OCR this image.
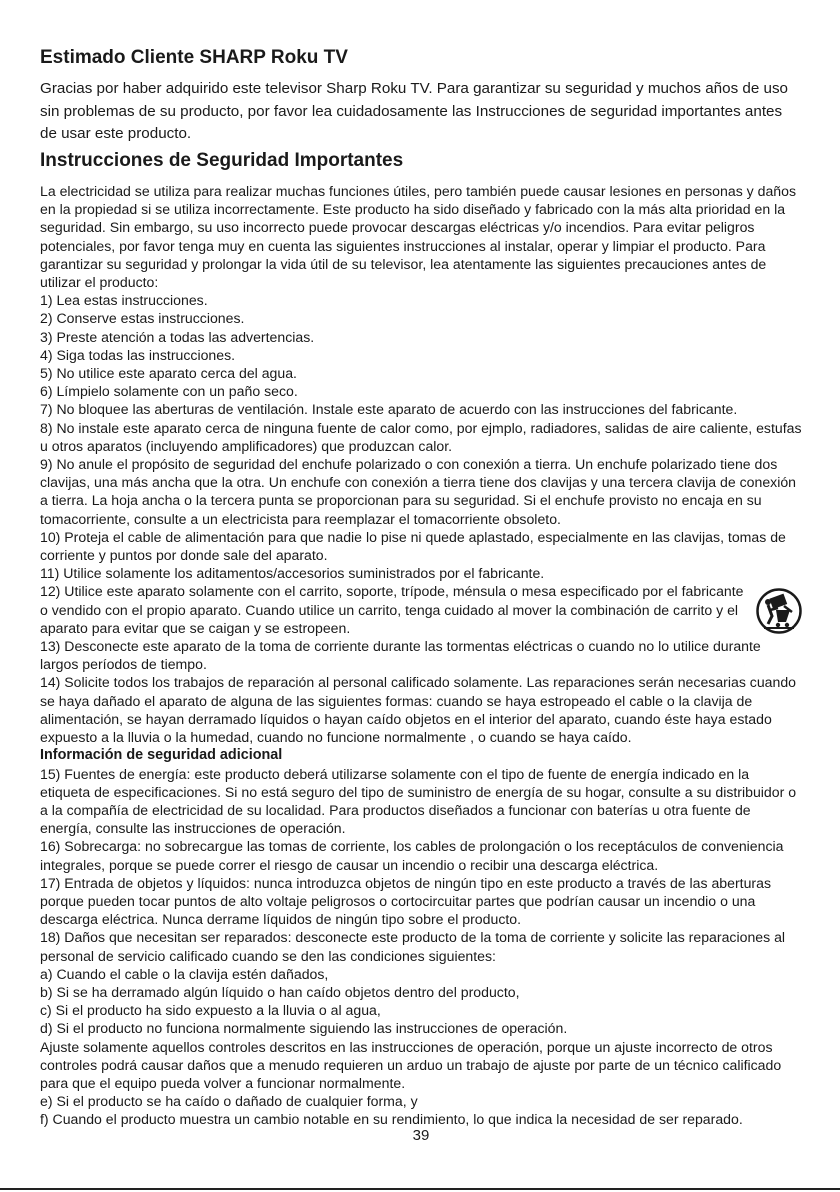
Estimado Cliente SHARP Roku TV

Gracias por haber adquirido este televisor Sharp Roku TV. Para garantizar su seguridad y muchos años de uso sin problemas de su producto, por favor lea cuidadosamente las Instrucciones de seguridad importantes antes de usar este producto.

Instrucciones de Seguridad Importantes

La electricidad se utiliza para realizar muchas funciones útiles, pero también puede causar lesiones en personas y daños en la propiedad si se utiliza incorrectamente. Este producto ha sido diseñado y fabricado con la más alta prioridad en la seguridad. Sin embargo, su uso incorrecto puede provocar descargas eléctricas y/o incendios. Para evitar peligros potenciales, por favor tenga muy en cuenta las siguientes instrucciones al instalar, operar y limpiar el producto. Para garantizar su seguridad y prolongar la vida útil de su televisor, lea atentamente las siguientes precauciones antes de utilizar el producto:

1) Lea estas instrucciones.

2) Conserve estas instrucciones.

3) Preste atención a todas las advertencias.

4) Siga todas las instrucciones.

5) No utilice este aparato cerca del agua.

6) Límpielo solamente con un paño seco.

7) No bloquee las aberturas de ventilación. Instale este aparato de acuerdo con las instrucciones del fabricante.

8) No instale este aparato cerca de ninguna fuente de calor como, por ejmplo, radiadores, salidas de aire caliente, estufas u otros aparatos (incluyendo amplificadores) que produzcan calor.

9) No anule el propósito de seguridad del enchufe polarizado o con conexión a tierra. Un enchufe polarizado tiene dos clavijas, una más ancha que la otra. Un enchufe con conexión a tierra tiene dos clavijas y una tercera clavija de conexión a tierra. La hoja ancha o la tercera punta se proporcionan para su seguridad. Si el enchufe provisto no encaja en su tomacorriente, consulte a un electricista para reemplazar el tomacorriente obsoleto.

10) Proteja el cable de alimentación para que nadie lo pise ni quede aplastado, especialmente en las clavijas, tomas de corriente y puntos por donde sale del aparato.

11) Utilice solamente los aditamentos/accesorios suministrados por el fabricante.

12) Utilice este aparato solamente con el carrito, soporte, trípode, ménsula o mesa especificado por el fabricante o vendido con el propio aparato. Cuando utilice un carrito, tenga cuidado al mover la combinación de carrito y el aparato para evitar que se caigan y se estropeen.

13) Desconecte este aparato de la toma de corriente durante las tormentas eléctricas o cuando no lo utilice durante largos períodos de tiempo.

14) Solicite todos los trabajos de reparación al personal calificado solamente. Las reparaciones serán necesarias cuando se haya dañado el aparato de alguna de las siguientes formas: cuando se haya estropeado el cable o la clavija de alimentación, se hayan derramado líquidos o hayan caído objetos en el interior del aparato, cuando éste haya estado expuesto a la lluvia o la humedad, cuando no funcione normalmente , o cuando se haya caído.

Información de seguridad adicional

15) Fuentes de energía: este producto deberá utilizarse solamente con el tipo de fuente de energía indicado en la etiqueta de especificaciones. Si no está seguro del tipo de suministro de energía de su hogar, consulte a su distribuidor o a la compañía de electricidad de su localidad. Para productos diseñados a funcionar con baterías u otra fuente de energía, consulte las instrucciones de operación.

16) Sobrecarga: no sobrecargue las tomas de corriente, los cables de prolongación o los receptáculos de conveniencia integrales, porque se puede correr el riesgo de causar un incendio o recibir una descarga eléctrica.

17) Entrada de objetos y líquidos: nunca introduzca objetos de ningún tipo en este producto a través de las aberturas porque pueden tocar puntos de alto voltaje peligrosos o cortocircuitar partes que podrían causar un incendio o una descarga eléctrica. Nunca derrame líquidos de ningún tipo sobre el producto.

18) Daños que necesitan ser reparados: desconecte este producto de la toma de corriente y solicite las reparaciones al personal de servicio calificado cuando se den las condiciones siguientes:

a) Cuando el cable o la clavija estén dañados,

b) Si se ha derramado algún líquido o han caído objetos dentro del producto,

c) Si el producto ha sido expuesto a la lluvia o al agua,

d) Si el producto no funciona normalmente siguiendo las instrucciones de operación.

Ajuste solamente aquellos controles descritos en las instrucciones de operación, porque un ajuste incorrecto de otros controles podrá causar daños que a menudo requieren un arduo un trabajo de ajuste por parte de un técnico calificado para que el equipo pueda volver a funcionar normalmente.

e) Si el producto se ha caído o dañado de cualquier forma, y

f) Cuando el producto muestra un cambio notable en su rendimiento, lo que indica la necesidad de ser reparado.

39
